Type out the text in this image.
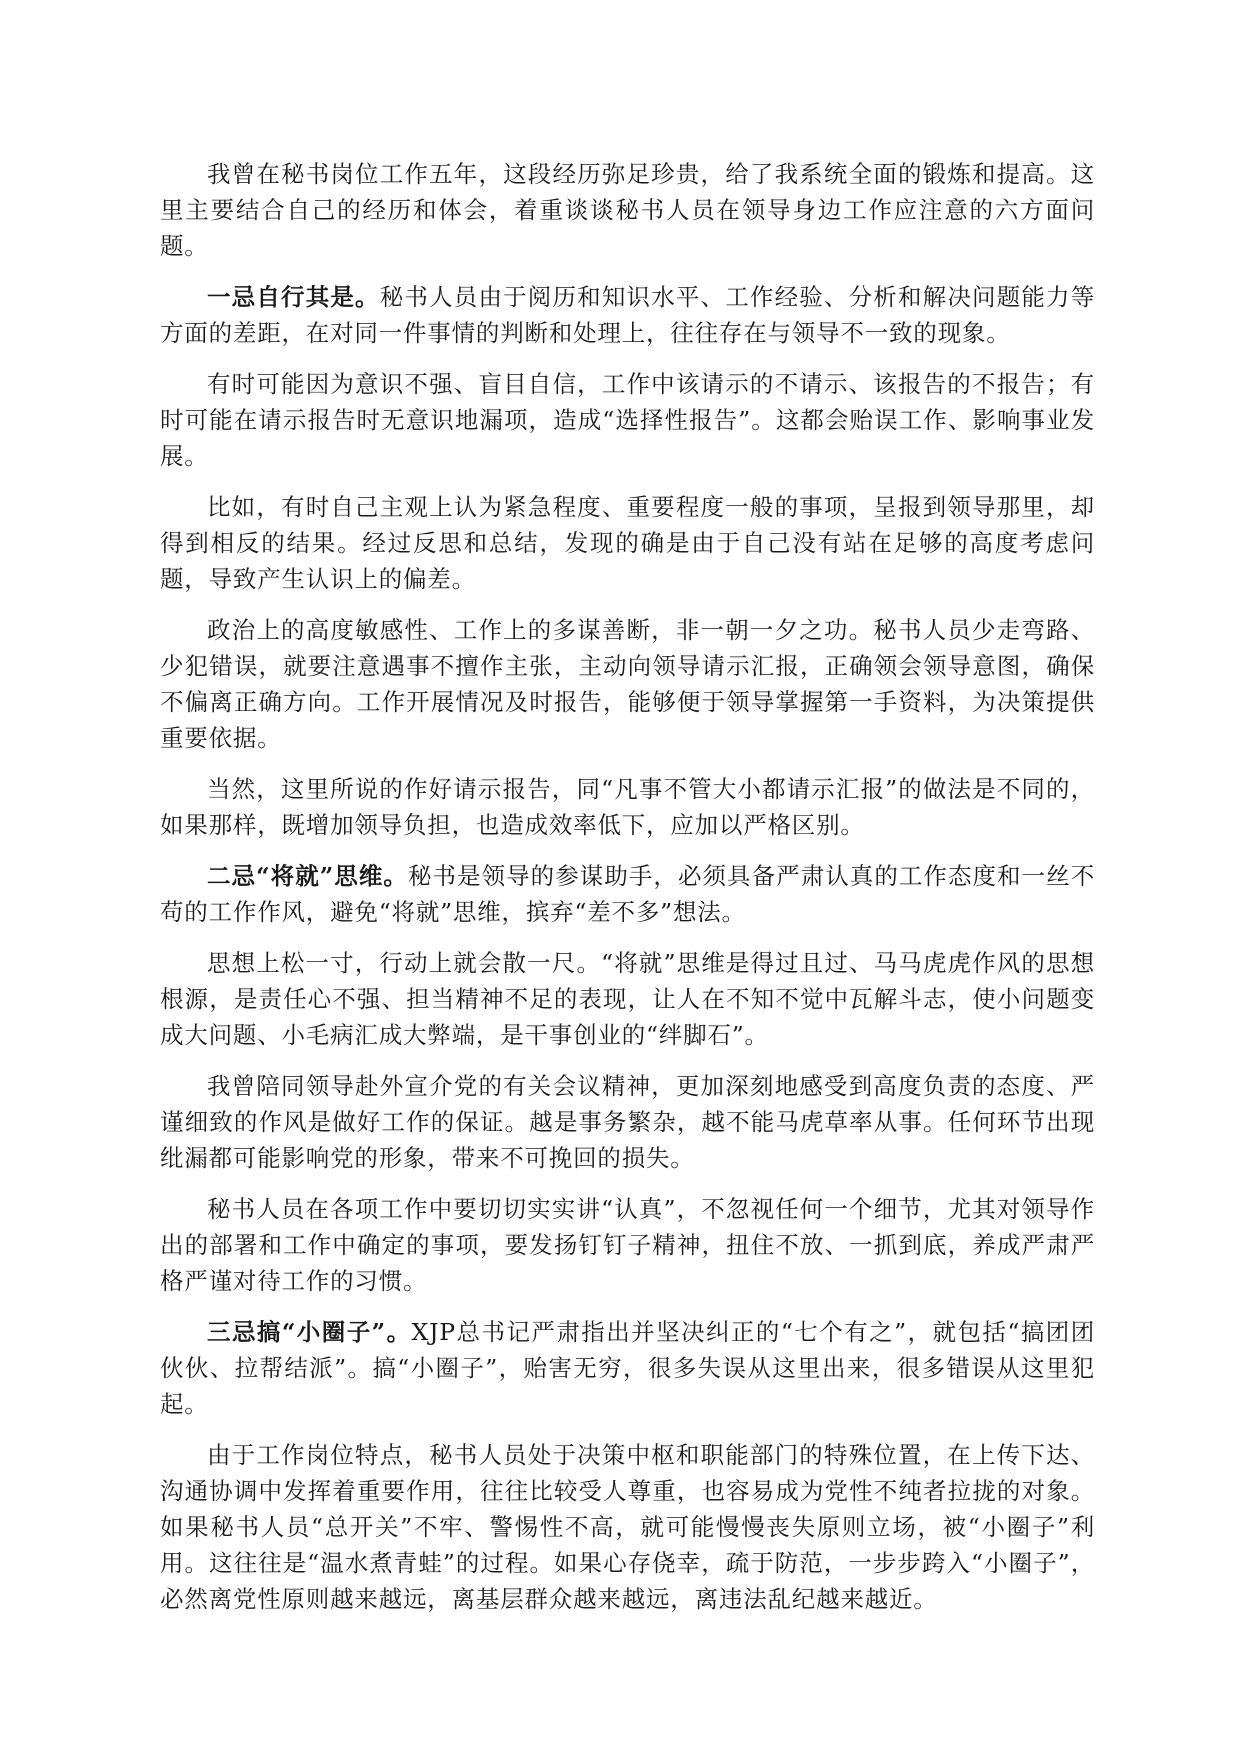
我曾在秘书岗位工作五年，这段经历弥足珍贵，给了我系统全面的锻炼和提高。这里主要结合自己的经历和体会，着重谈谈秘书人员在领导身边工作应注意的六方面问题。

一忌自行其是。秘书人员由于阅历和知识水平、工作经验、分析和解决问题能力等方面的差距，在对同一件事情的判断和处理上，往往存在与领导不一致的现象。

有时可能因为意识不强、盲目自信，工作中该请示的不请示、该报告的不报告；有时可能在请示报告时无意识地漏项，造成“选择性报告”。这都会贻误工作、影响事业发展。

比如，有时自己主观上认为紧急程度、重要程度一般的事项，呈报到领导那里，却得到相反的结果。经过反思和总结，发现的确是由于自己没有站在足够的高度考虑问题，导致产生认识上的偏差。

政治上的高度敏感性、工作上的多谋善断，非一朝一夕之功。秘书人员少走弯路、少犯错误，就要注意遇事不擅作主张，主动向领导请示汇报，正确领会领导意图，确保不偏离正确方向。工作开展情况及时报告，能够便于领导掌握第一手资料，为决策提供重要依据。

当然，这里所说的作好请示报告，同“凡事不管大小都请示汇报”的做法是不同的，如果那样，既增加领导负担，也造成效率低下，应加以严格区别。

二忌“将就”思维。秘书是领导的参谋助手，必须具备严肃认真的工作态度和一丝不苟的工作作风，避免“将就”思维，摈弃“差不多”想法。

思想上松一寸，行动上就会散一尺。“将就”思维是得过且过、马马虎虎作风的思想根源，是责任心不强、担当精神不足的表现，让人在不知不觉中瓦解斗志，使小问题变成大问题、小毛病汇成大弊端，是干事创业的“绊脚石”。

我曾陪同领导赴外宣介党的有关会议精神，更加深刻地感受到高度负责的态度、严谨细致的作风是做好工作的保证。越是事务繁杂，越不能马虎草率从事。任何环节出现纰漏都可能影响党的形象，带来不可挽回的损失。

秘书人员在各项工作中要切切实实讲“认真”，不忽视任何一个细节，尤其对领导作出的部署和工作中确定的事项，要发扬钉钉子精神，扭住不放、一抓到底，养成严肃严格严谨对待工作的习惯。

三忌搞“小圈子”。XJP总书记严肃指出并坚决纠正的“七个有之”，就包括“搞团团伙伙、拉帮结派”。搞“小圈子”，贻害无穷，很多失误从这里出来，很多错误从这里犯起。

由于工作岗位特点，秘书人员处于决策中枢和职能部门的特殊位置，在上传下达、沟通协调中发挥着重要作用，往往比较受人尊重，也容易成为党性不纯者拉拢的对象。如果秘书人员“总开关”不牢、警惕性不高，就可能慢慢丧失原则立场，被“小圈子”利用。这往往是“温水煮青蛙”的过程。如果心存侥幸，疏于防范，一步步跨入“小圈子”，必然离党性原则越来越远，离基层群众越来越远，离违法乱纪越来越近。
